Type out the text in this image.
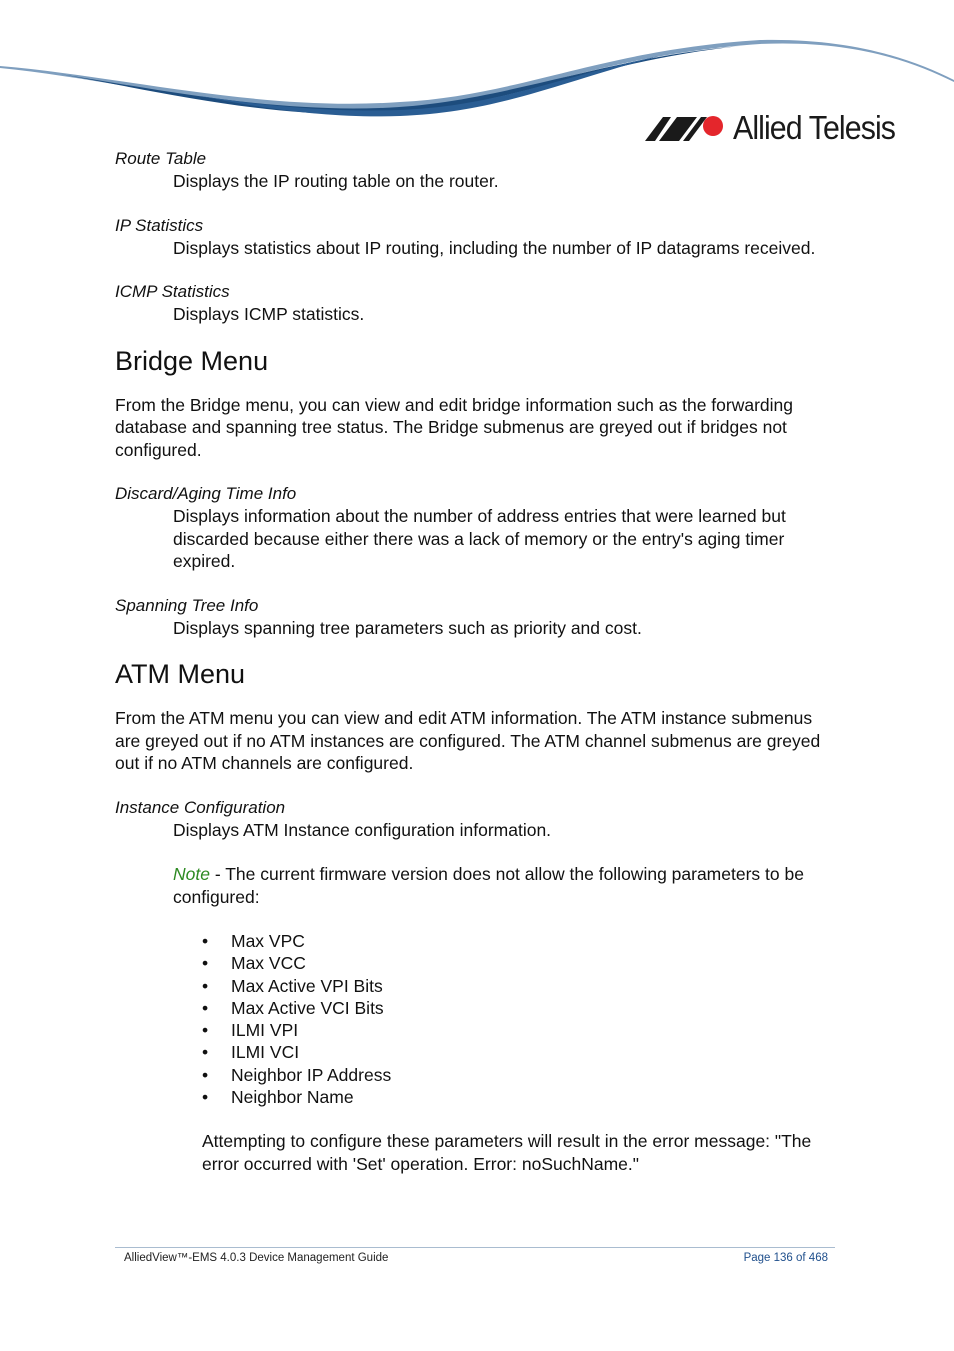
Allied Telesis

Route Table

Displays the IP routing table on the router.

IP Statistics

Displays statistics about IP routing, including the number of IP datagrams received.

ICMP Statistics

Displays ICMP statistics.

Bridge Menu

From the Bridge menu, you can view and edit bridge information such as the forwarding database and spanning tree status. The Bridge submenus are greyed out if bridges not configured.

Discard/Aging Time Info

Displays information about the number of address entries that were learned but discarded because either there was a lack of memory or the entry's aging timer expired.

Spanning Tree Info

Displays spanning tree parameters such as priority and cost.

ATM Menu

From the ATM menu you can view and edit ATM information. The ATM instance submenus are greyed out if no ATM instances are configured. The ATM channel submenus are greyed out if no ATM channels are configured.

Instance Configuration

Displays ATM Instance configuration information.

Note - The current firmware version does not allow the following parameters to be configured:

• Max VPC
• Max VCC
• Max Active VPI Bits
• Max Active VCI Bits
• ILMI VPI
• ILMI VCI
• Neighbor IP Address
• Neighbor Name

Attempting to configure these parameters will result in the error message: "The error occurred with 'Set' operation. Error: noSuchName."

AlliedView™-EMS 4.0.3 Device Management Guide	Page 136 of 468
